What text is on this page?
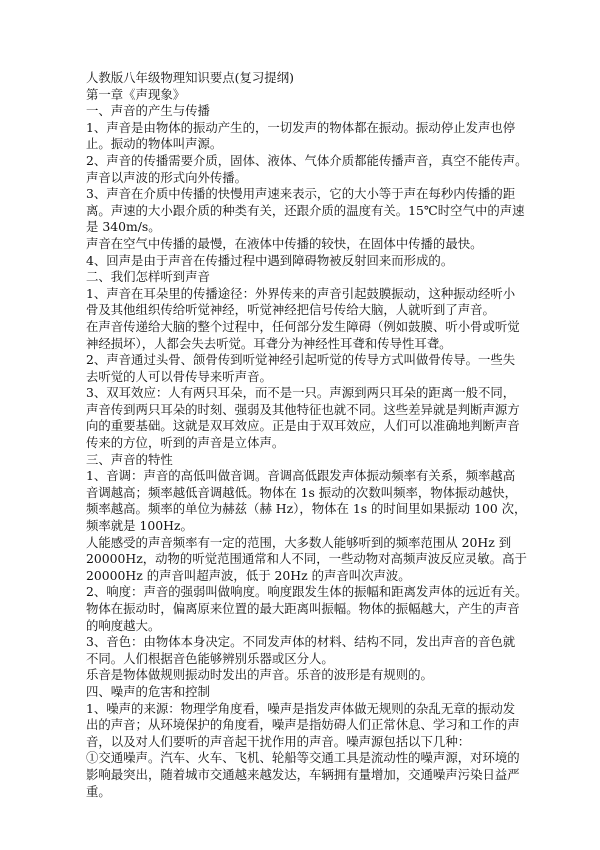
人教版八年级物理知识要点(复习提纲)
第一章《声现象》
一、声音的产生与传播
1、声音是由物体的振动产生的，一切发声的物体都在振动。振动停止发声也停
止。振动的物体叫声源。
2、声音的传播需要介质，固体、液体、气体介质都能传播声音，真空不能传声。
声音以声波的形式向外传播。
3、声音在介质中传播的快慢用声速来表示，它的大小等于声在每秒内传播的距
离。声速的大小跟介质的种类有关，还跟介质的温度有关。15℃时空气中的声速
是 340m/s。
声音在空气中传播的最慢，在液体中传播的较快，在固体中传播的最快。
4、回声是由于声音在传播过程中遇到障碍物被反射回来而形成的。
二、我们怎样听到声音
1、声音在耳朵里的传播途径：外界传来的声音引起鼓膜振动，这种振动经听小
骨及其他组织传给听觉神经，听觉神经把信号传给大脑，人就听到了声音。
在声音传递给大脑的整个过程中，任何部分发生障碍（例如鼓膜、听小骨或听觉
神经损坏），人都会失去听觉。耳聋分为神经性耳聋和传导性耳聋。
2、声音通过头骨、颌骨传到听觉神经引起听觉的传导方式叫做骨传导。一些失
去听觉的人可以骨传导来听声音。
3、双耳效应：人有两只耳朵，而不是一只。声源到两只耳朵的距离一般不同，
声音传到两只耳朵的时刻、强弱及其他特征也就不同。这些差异就是判断声源方
向的重要基础。这就是双耳效应。正是由于双耳效应，人们可以准确地判断声音
传来的方位，听到的声音是立体声。
三、声音的特性
1、音调：声音的高低叫做音调。音调高低跟发声体振动频率有关系，频率越高
音调越高；频率越低音调越低。物体在 1s 振动的次数叫频率，物体振动越快，
频率越高。频率的单位为赫兹（赫 Hz），物体在 1s 的时间里如果振动 100 次，
频率就是 100Hz。
人能感受的声音频率有一定的范围，大多数人能够听到的频率范围从 20Hz 到
20000Hz，动物的听觉范围通常和人不同，一些动物对高频声波反应灵敏。高于
20000Hz 的声音叫超声波，低于 20Hz 的声音叫次声波。
2、响度：声音的强弱叫做响度。响度跟发生体的振幅和距离发声体的远近有关。
物体在振动时，偏离原来位置的最大距离叫振幅。物体的振幅越大，产生的声音
的响度越大。
3、音色：由物体本身决定。不同发声体的材料、结构不同，发出声音的音色就
不同。人们根据音色能够辨别乐器或区分人。
乐音是物体做规则振动时发出的声音。乐音的波形是有规则的。
四、噪声的危害和控制
1、噪声的来源：物理学角度看，噪声是指发声体做无规则的杂乱无章的振动发
出的声音；从环境保护的角度看，噪声是指妨碍人们正常休息、学习和工作的声
音，以及对人们要听的声音起干扰作用的声音。噪声源包括以下几种：
①交通噪声。汽车、火车、飞机、轮船等交通工具是流动性的噪声源，对环境的
影响最突出，随着城市交通越来越发达，车辆拥有量增加，交通噪声污染日益严
重。
